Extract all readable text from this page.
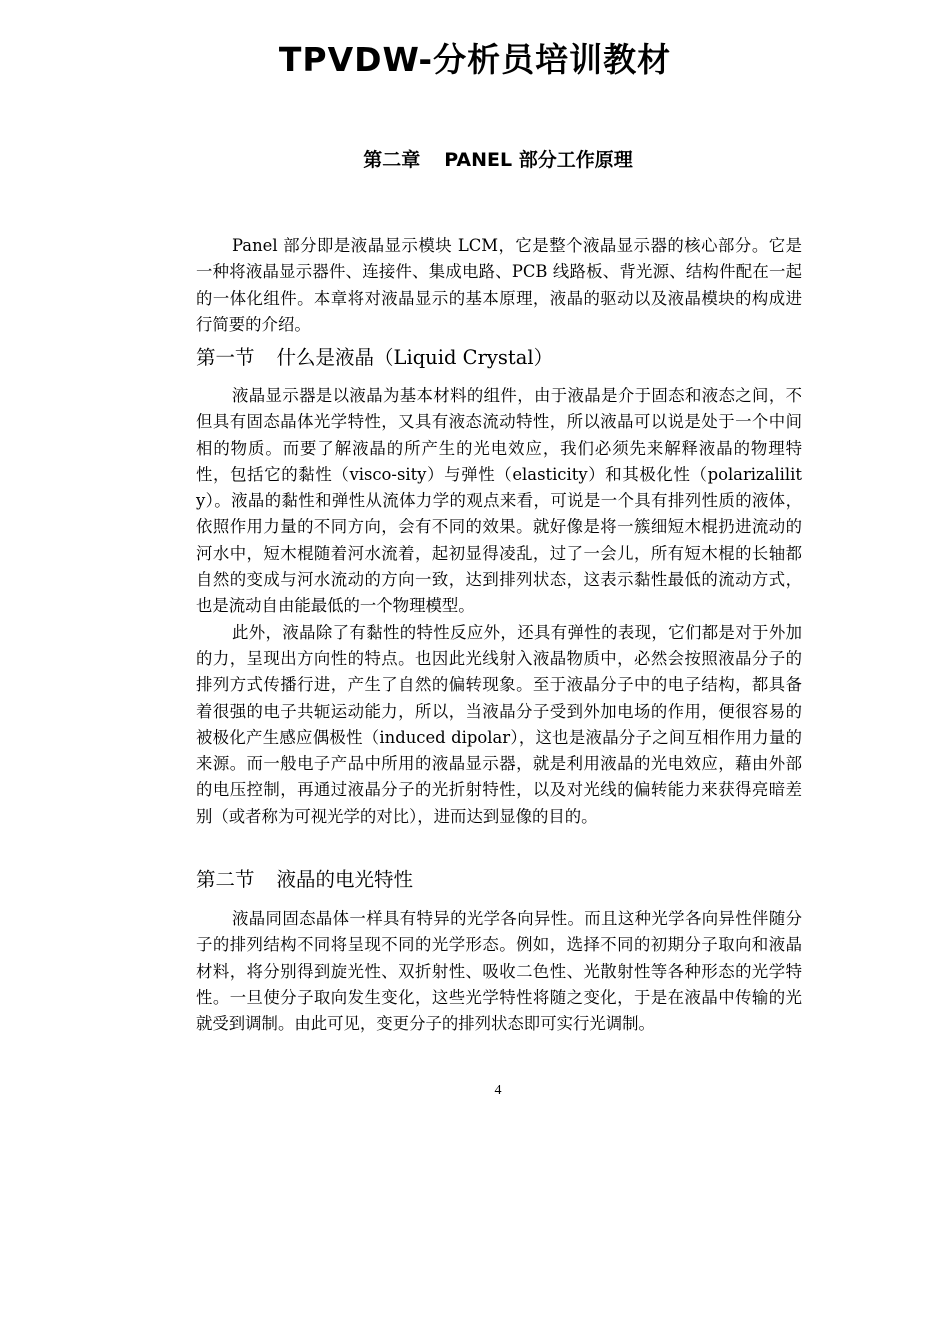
TPVDW-分析员培训教材
第二章 PANEL 部分工作原理

Panel 部分即是液晶显示模块 LCM，它是整个液晶显示器的核心部分。它是一种将液晶显示器件、连接件、集成电路、PCB 线路板、背光源、结构件配在一起的一体化组件。本章将对液晶显示的基本原理，液晶的驱动以及液晶模块的构成进行简要的介绍。

第一节 什么是液晶（Liquid Crystal）

液晶显示器是以液晶为基本材料的组件，由于液晶是介于固态和液态之间，不但具有固态晶体光学特性，又具有液态流动特性，所以液晶可以说是处于一个中间相的物质。而要了解液晶的所产生的光电效应，我们必须先来解释液晶的物理特性，包括它的黏性（visco-sity）与弹性（elasticity）和其极化性（polarizalility）。液晶的黏性和弹性从流体力学的观点来看，可说是一个具有排列性质的液体，依照作用力量的不同方向，会有不同的效果。就好像是将一簇细短木棍扔进流动的河水中，短木棍随着河水流着，起初显得凌乱，过了一会儿，所有短木棍的长轴都自然的变成与河水流动的方向一致，达到排列状态，这表示黏性最低的流动方式，也是流动自由能最低的一个物理模型。

此外，液晶除了有黏性的特性反应外，还具有弹性的表现，它们都是对于外加的力，呈现出方向性的特点。也因此光线射入液晶物质中，必然会按照液晶分子的排列方式传播行进，产生了自然的偏转现象。至于液晶分子中的电子结构，都具备着很强的电子共轭运动能力，所以，当液晶分子受到外加电场的作用，便很容易的被极化产生感应偶极性（induced dipolar），这也是液晶分子之间互相作用力量的来源。而一般电子产品中所用的液晶显示器，就是利用液晶的光电效应，藉由外部的电压控制，再通过液晶分子的光折射特性，以及对光线的偏转能力来获得亮暗差别（或者称为可视光学的对比），进而达到显像的目的。

第二节 液晶的电光特性

液晶同固态晶体一样具有特异的光学各向异性。而且这种光学各向异性伴随分子的排列结构不同将呈现不同的光学形态。例如，选择不同的初期分子取向和液晶材料，将分别得到旋光性、双折射性、吸收二色性、光散射性等各种形态的光学特性。一旦使分子取向发生变化，这些光学特性将随之变化，于是在液晶中传输的光就受到调制。由此可见，变更分子的排列状态即可实行光调制。

4
